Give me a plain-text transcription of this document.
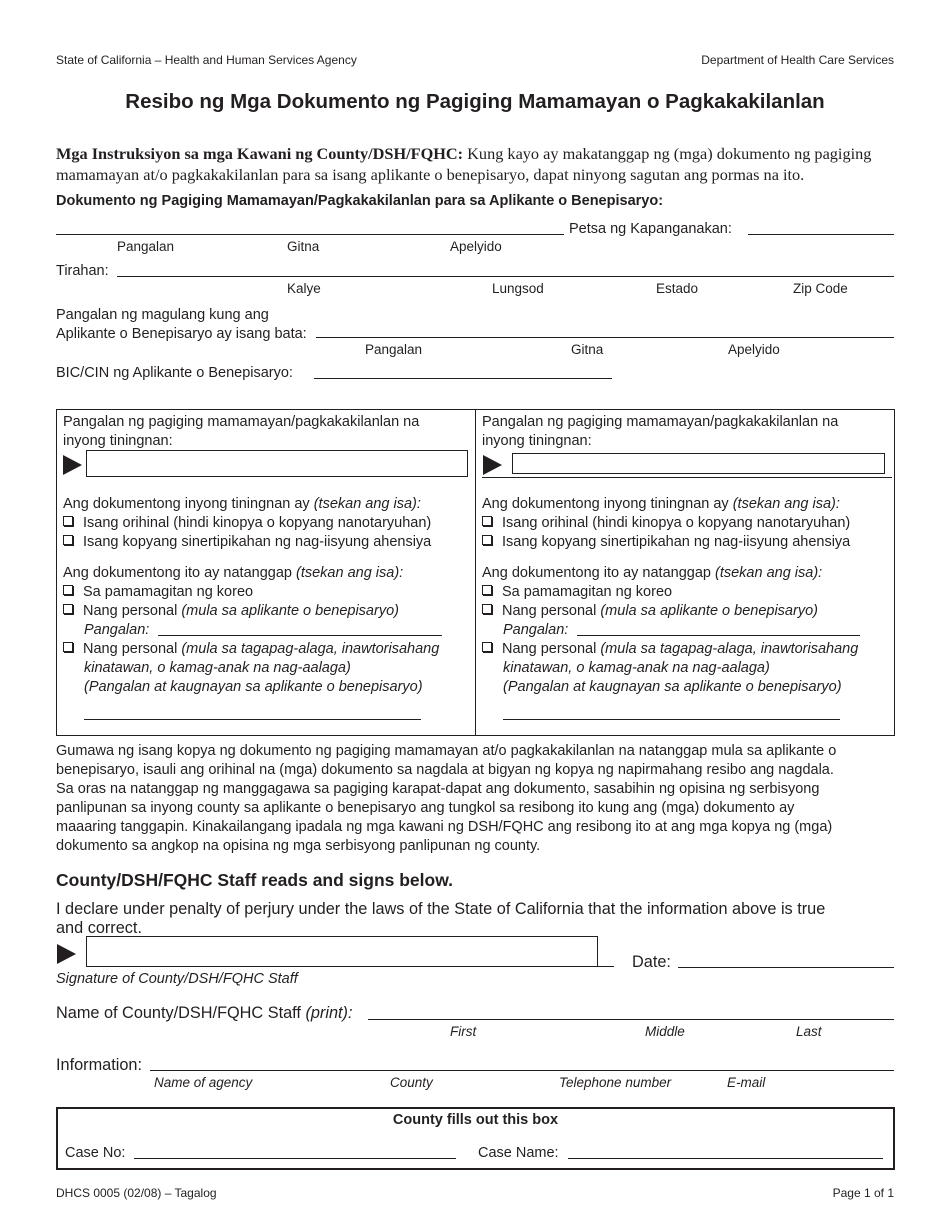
State of California – Health and Human Services Agency	Department of Health Care Services
Resibo ng Mga Dokumento ng Pagiging Mamamayan o Pagkakakilanlan
Mga Instruksiyon sa mga Kawani ng County/DSH/FQHC: Kung kayo ay makatanggap ng (mga) dokumento ng pagiging
mamamayan at/o pagkakakilanlan para sa isang aplikante o benepisaryo, dapat ninyong sagutan ang pormas na ito.
Dokumento ng Pagiging Mamamayan/Pagkakakilanlan para sa Aplikante o Benepisaryo:
Petsa ng Kapanganakan:
Pangalan	Gitna	Apelyido
Tirahan:
Kalye	Lungsod	Estado	Zip Code
Pangalan ng magulang kung ang
Aplikante o Benepisaryo ay isang bata:
Pangalan	Gitna	Apelyido
BIC/CIN ng Aplikante o Benepisaryo:
Pangalan ng pagiging mamamayan/pagkakakilanlan na
inyong tiningnan:
Ang dokumentong inyong tiningnan ay (tsekan ang isa):
Isang orihinal (hindi kinopya o kopyang nanotaryuhan)
Isang kopyang sinertipikahan ng nag-iisyung ahensiya
Ang dokumentong ito ay natanggap (tsekan ang isa):
Sa pamamagitan ng koreo
Nang personal (mula sa aplikante o benepisaryo)
Pangalan:
Nang personal (mula sa tagapag-alaga, inawtorisahang
kinatawan, o kamag-anak na nag-aalaga)
(Pangalan at kaugnayan sa aplikante o benepisaryo)
Pangalan ng pagiging mamamayan/pagkakakilanlan na
inyong tiningnan:
Ang dokumentong inyong tiningnan ay (tsekan ang isa):
Isang orihinal (hindi kinopya o kopyang nanotaryuhan)
Isang kopyang sinertipikahan ng nag-iisyung ahensiya
Ang dokumentong ito ay natanggap (tsekan ang isa):
Sa pamamagitan ng koreo
Nang personal (mula sa aplikante o benepisaryo)
Pangalan:
Nang personal (mula sa tagapag-alaga, inawtorisahang
kinatawan, o kamag-anak na nag-aalaga)
(Pangalan at kaugnayan sa aplikante o benepisaryo)
Gumawa ng isang kopya ng dokumento ng pagiging mamamayan at/o pagkakakilanlan na natanggap mula sa aplikante o
benepisaryo, isauli ang orihinal na (mga) dokumento sa nagdala at bigyan ng kopya ng napirmahang resibo ang nagdala.
Sa oras na natanggap ng manggagawa sa pagiging karapat-dapat ang dokumento, sasabihin ng opisina ng serbisyong
panlipunan sa inyong county sa aplikante o benepisaryo ang tungkol sa resibong ito kung ang (mga) dokumento ay
maaaring tanggapin. Kinakailangang ipadala ng mga kawani ng DSH/FQHC ang resibong ito at ang mga kopya ng (mga)
dokumento sa angkop na opisina ng mga serbisyong panlipunan ng county.
County/DSH/FQHC Staff reads and signs below.
I declare under penalty of perjury under the laws of the State of California that the information above is true
and correct.
Date:
Signature of County/DSH/FQHC Staff
Name of County/DSH/FQHC Staff (print):
First	Middle	Last
Information:
Name of agency	County	Telephone number	E-mail
County fills out this box
Case No:	Case Name:
DHCS 0005 (02/08) – Tagalog	Page 1 of 1
